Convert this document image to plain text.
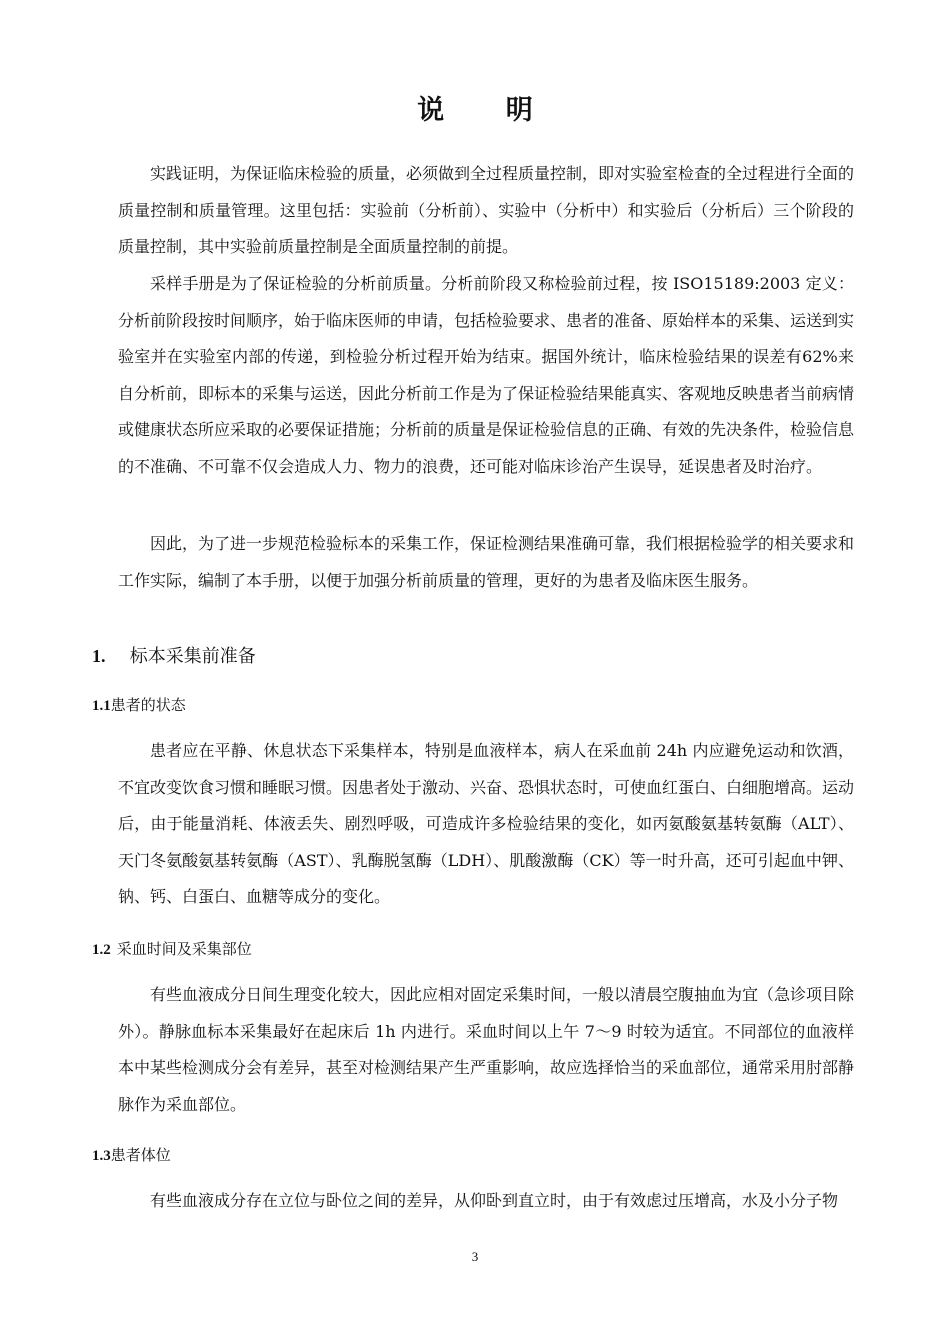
说 明

实践证明，为保证临床检验的质量，必须做到全过程质量控制，即对实验室检查的全过程进行全面的质量控制和质量管理。这里包括：实验前（分析前）、实验中（分析中）和实验后（分析后）三个阶段的质量控制，其中实验前质量控制是全面质量控制的前提。

采样手册是为了保证检验的分析前质量。分析前阶段又称检验前过程，按 ISO15189:2003 定义：分析前阶段按时间顺序，始于临床医师的申请，包括检验要求、患者的准备、原始样本的采集、运送到实验室并在实验室内部的传递，到检验分析过程开始为结束。据国外统计，临床检验结果的误差有62%来自分析前，即标本的采集与运送，因此分析前工作是为了保证检验结果能真实、客观地反映患者当前病情或健康状态所应采取的必要保证措施；分析前的质量是保证检验信息的正确、有效的先决条件，检验信息的不准确、不可靠不仅会造成人力、物力的浪费，还可能对临床诊治产生误导，延误患者及时治疗。

因此，为了进一步规范检验标本的采集工作，保证检测结果准确可靠，我们根据检验学的相关要求和工作实际，编制了本手册，以便于加强分析前质量的管理，更好的为患者及临床医生服务。

1. 标本采集前准备
1.1患者的状态

患者应在平静、休息状态下采集样本，特别是血液样本，病人在采血前 24h 内应避免运动和饮酒，不宜改变饮食习惯和睡眠习惯。因患者处于激动、兴奋、恐惧状态时，可使血红蛋白、白细胞增高。运动后，由于能量消耗、体液丢失、剧烈呼吸，可造成许多检验结果的变化，如丙氨酸氨基转氨酶（ALT）、天门冬氨酸氨基转氨酶（AST）、乳酶脱氢酶（LDH）、肌酸激酶（CK）等一时升高，还可引起血中钾、钠、钙、白蛋白、血糖等成分的变化。

1.2 采血时间及采集部位

有些血液成分日间生理变化较大，因此应相对固定采集时间，一般以清晨空腹抽血为宜（急诊项目除外）。静脉血标本采集最好在起床后 1h 内进行。采血时间以上午 7～9 时较为适宜。不同部位的血液样本中某些检测成分会有差异，甚至对检测结果产生严重影响，故应选择恰当的采血部位，通常采用肘部静脉作为采血部位。

1.3患者体位

有些血液成分存在立位与卧位之间的差异，从仰卧到直立时，由于有效虑过压增高，水及小分子物

3
